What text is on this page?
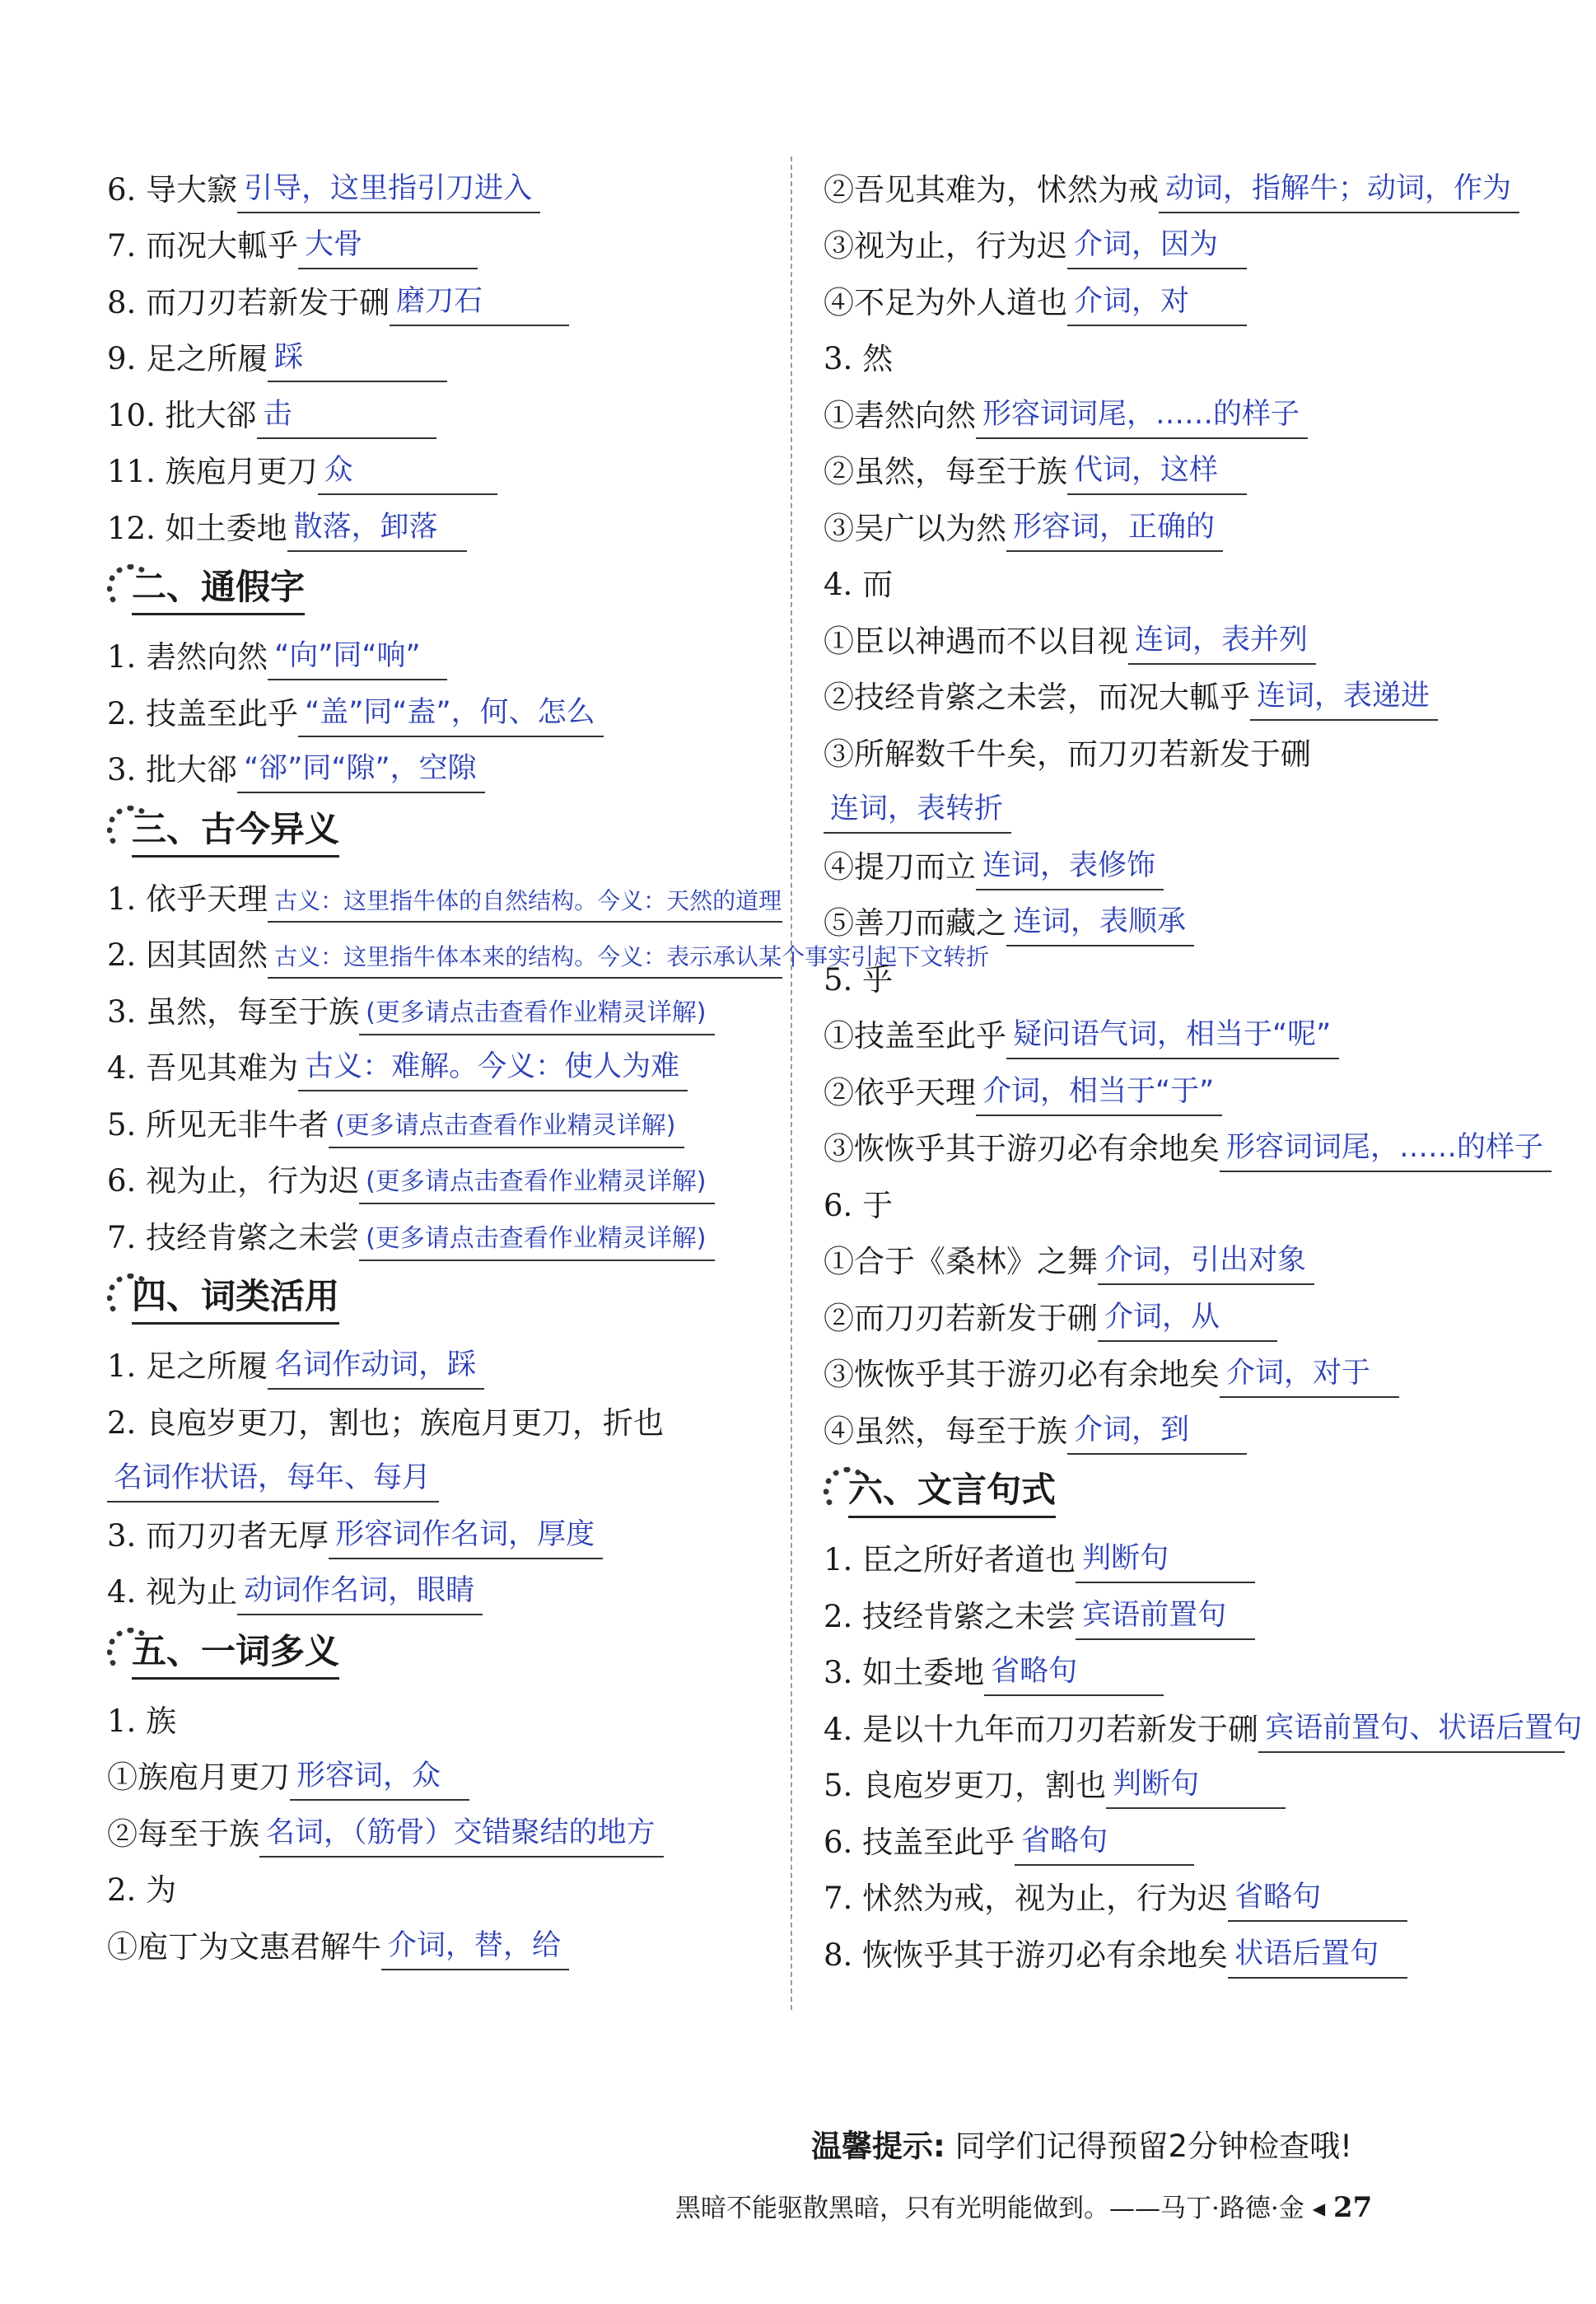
6. 导大窾 引导，这里指引刀进入
7. 而况大軱乎 大骨
8. 而刀刃若新发于硎 磨刀石
9. 足之所履 踩
10. 批大郤 击
11. 族庖月更刀 众
12. 如土委地 散落，卸落
二、通假字
1. 砉然向然 “向”同“响”
2. 技盖至此乎 “盖”同“盍”，何、怎么
3. 批大郤 “郤”同“隙”，空隙
三、古今异义
1. 依乎天理 古义：这里指牛体的自然结构。今义：天然的道理
2. 因其固然 古义：这里指牛体本来的结构。今义：表示承认某个事实引起下文转折
3. 虽然，每至于族 (更多请点击查看作业精灵详解)
4. 吾见其难为 古义：难解。今义：使人为难
5. 所见无非牛者 (更多请点击查看作业精灵详解)
6. 视为止，行为迟 (更多请点击查看作业精灵详解)
7. 技经肯綮之未尝 (更多请点击查看作业精灵详解)
四、词类活用
1. 足之所履 名词作动词，踩
2. 良庖岁更刀，割也；族庖月更刀，折也
名词作状语，每年、每月
3. 而刀刃者无厚 形容词作名词，厚度
4. 视为止 动词作名词，眼睛
五、一词多义
1. 族
①族庖月更刀 形容词，众
②每至于族 名词，（筋骨）交错聚结的地方
2. 为
①庖丁为文惠君解牛 介词，替，给
②吾见其难为，怵然为戒 动词，指解牛；动词，作为
③视为止，行为迟 介词，因为
④不足为外人道也 介词，对
3. 然
①砉然向然 形容词词尾，……的样子
②虽然，每至于族 代词，这样
③吴广以为然 形容词，正确的
4. 而
①臣以神遇而不以目视 连词，表并列
②技经肯綮之未尝，而况大軱乎 连词，表递进
③所解数千牛矣，而刀刃若新发于硎
连词，表转折
④提刀而立 连词，表修饰
⑤善刀而藏之 连词，表顺承
5. 乎
①技盖至此乎 疑问语气词，相当于“呢”
②依乎天理 介词，相当于“于”
③恢恢乎其于游刃必有余地矣 形容词词尾，……的样子
6. 于
①合于《桑林》之舞 介词，引出对象
②而刀刃若新发于硎 介词，从
③恢恢乎其于游刃必有余地矣 介词，对于
④虽然，每至于族 介词，到
六、文言句式
1. 臣之所好者道也 判断句
2. 技经肯綮之未尝 宾语前置句
3. 如土委地 省略句
4. 是以十九年而刀刃若新发于硎 宾语前置句、状语后置句
5. 良庖岁更刀，割也 判断句
6. 技盖至此乎 省略句
7. 怵然为戒，视为止，行为迟 省略句
8. 恢恢乎其于游刃必有余地矣 状语后置句
温馨提示: 同学们记得预留2分钟检查哦!
黑暗不能驱散黑暗，只有光明能做到。——马丁·路德·金 ◂ 27
